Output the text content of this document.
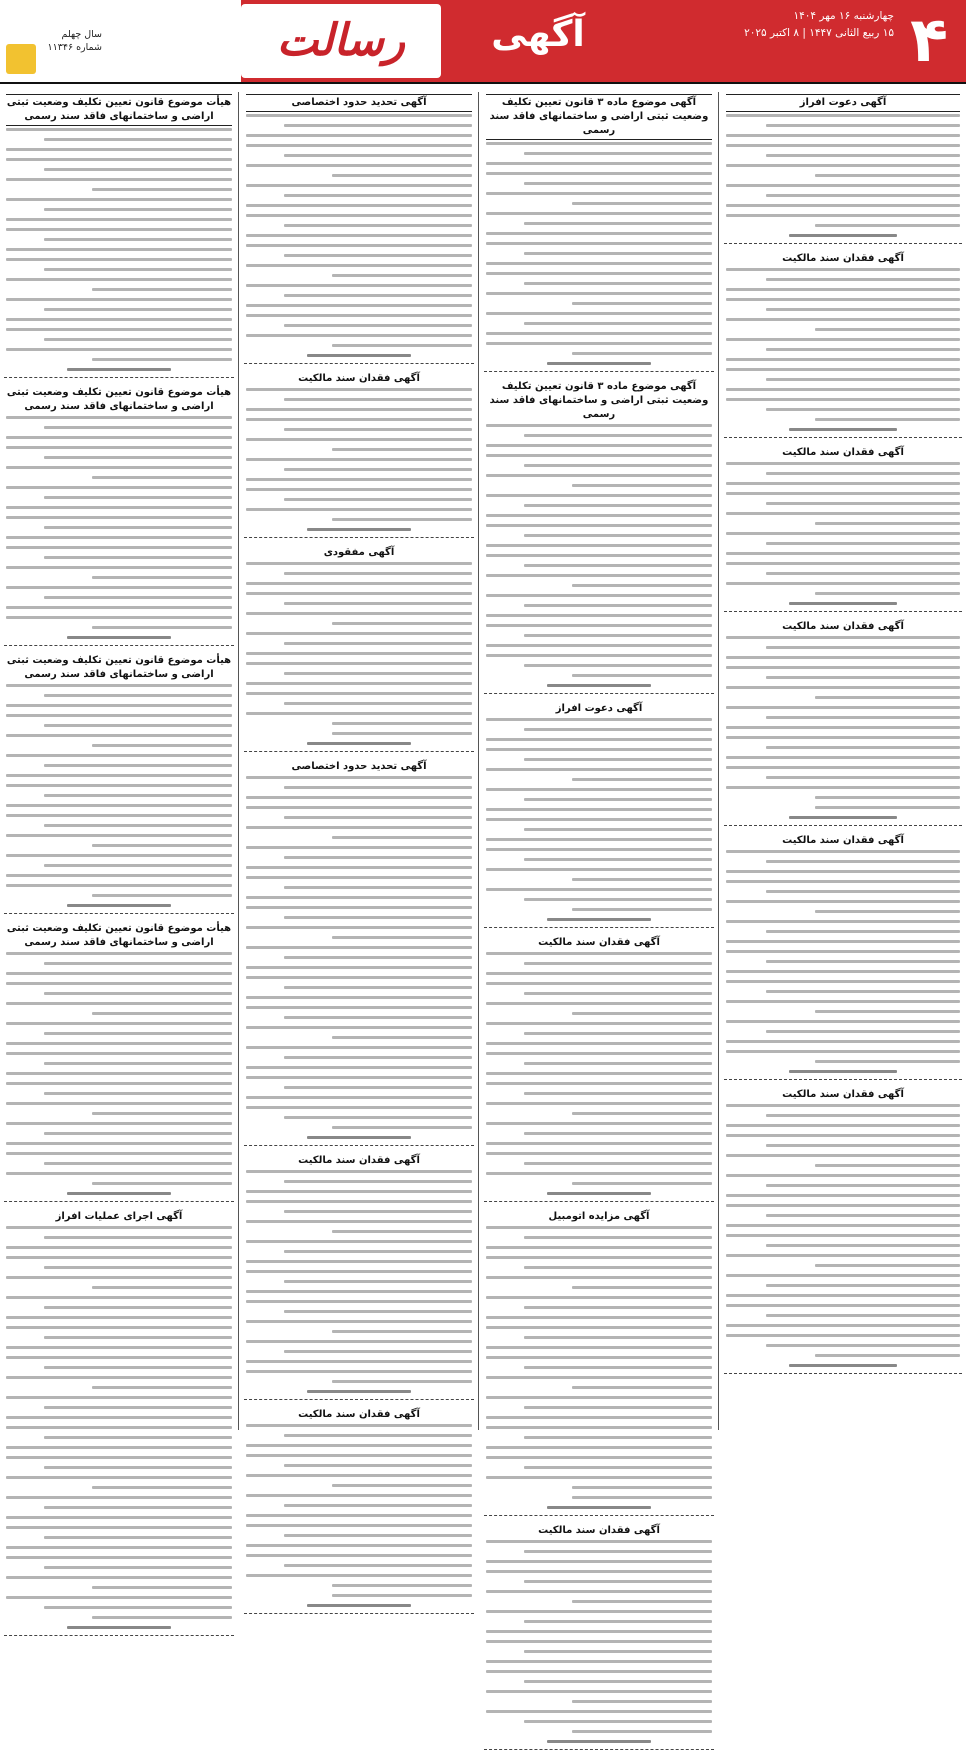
۴
چهارشنبه ۱۶ مهر ۱۴۰۴
۱۵ ربیع الثانی ۱۴۴۷ | ۸ اکتبر ۲۰۲۵
آگهی
رسالت
سال چهلم
شماره ۱۱۳۴۶
آگهی دعوت افراز
آگهی فقدان سند مالکیت
آگهی فقدان سند مالکیت
آگهی فقدان سند مالکیت
آگهی فقدان سند مالکیت
آگهی فقدان سند مالکیت
آگهی موضوع ماده ۳ قانون تعیین تکلیف وضعیت ثبتی اراضی و ساختمانهای فاقد سند رسمی
آگهی موضوع ماده ۳ قانون تعیین تکلیف وضعیت ثبتی اراضی و ساختمانهای فاقد سند رسمی
آگهی دعوت افراز
آگهی فقدان سند مالکیت
آگهی مزایده اتومبیل
آگهی فقدان سند مالکیت
آگهی تحدید حدود اختصاصی
آگهی فقدان سند مالکیت
آگهی مفقودی
آگهی تحدید حدود اختصاصی
آگهی فقدان سند مالکیت
آگهی فقدان سند مالکیت
هیأت موضوع قانون تعیین تکلیف وضعیت ثبتی اراضی و ساختمانهای فاقد سند رسمی
هیأت موضوع قانون تعیین تکلیف وضعیت ثبتی اراضی و ساختمانهای فاقد سند رسمی
هیأت موضوع قانون تعیین تکلیف وضعیت ثبتی اراضی و ساختمانهای فاقد سند رسمی
هیأت موضوع قانون تعیین تکلیف وضعیت ثبتی اراضی و ساختمانهای فاقد سند رسمی
آگهی اجرای عملیات افراز
